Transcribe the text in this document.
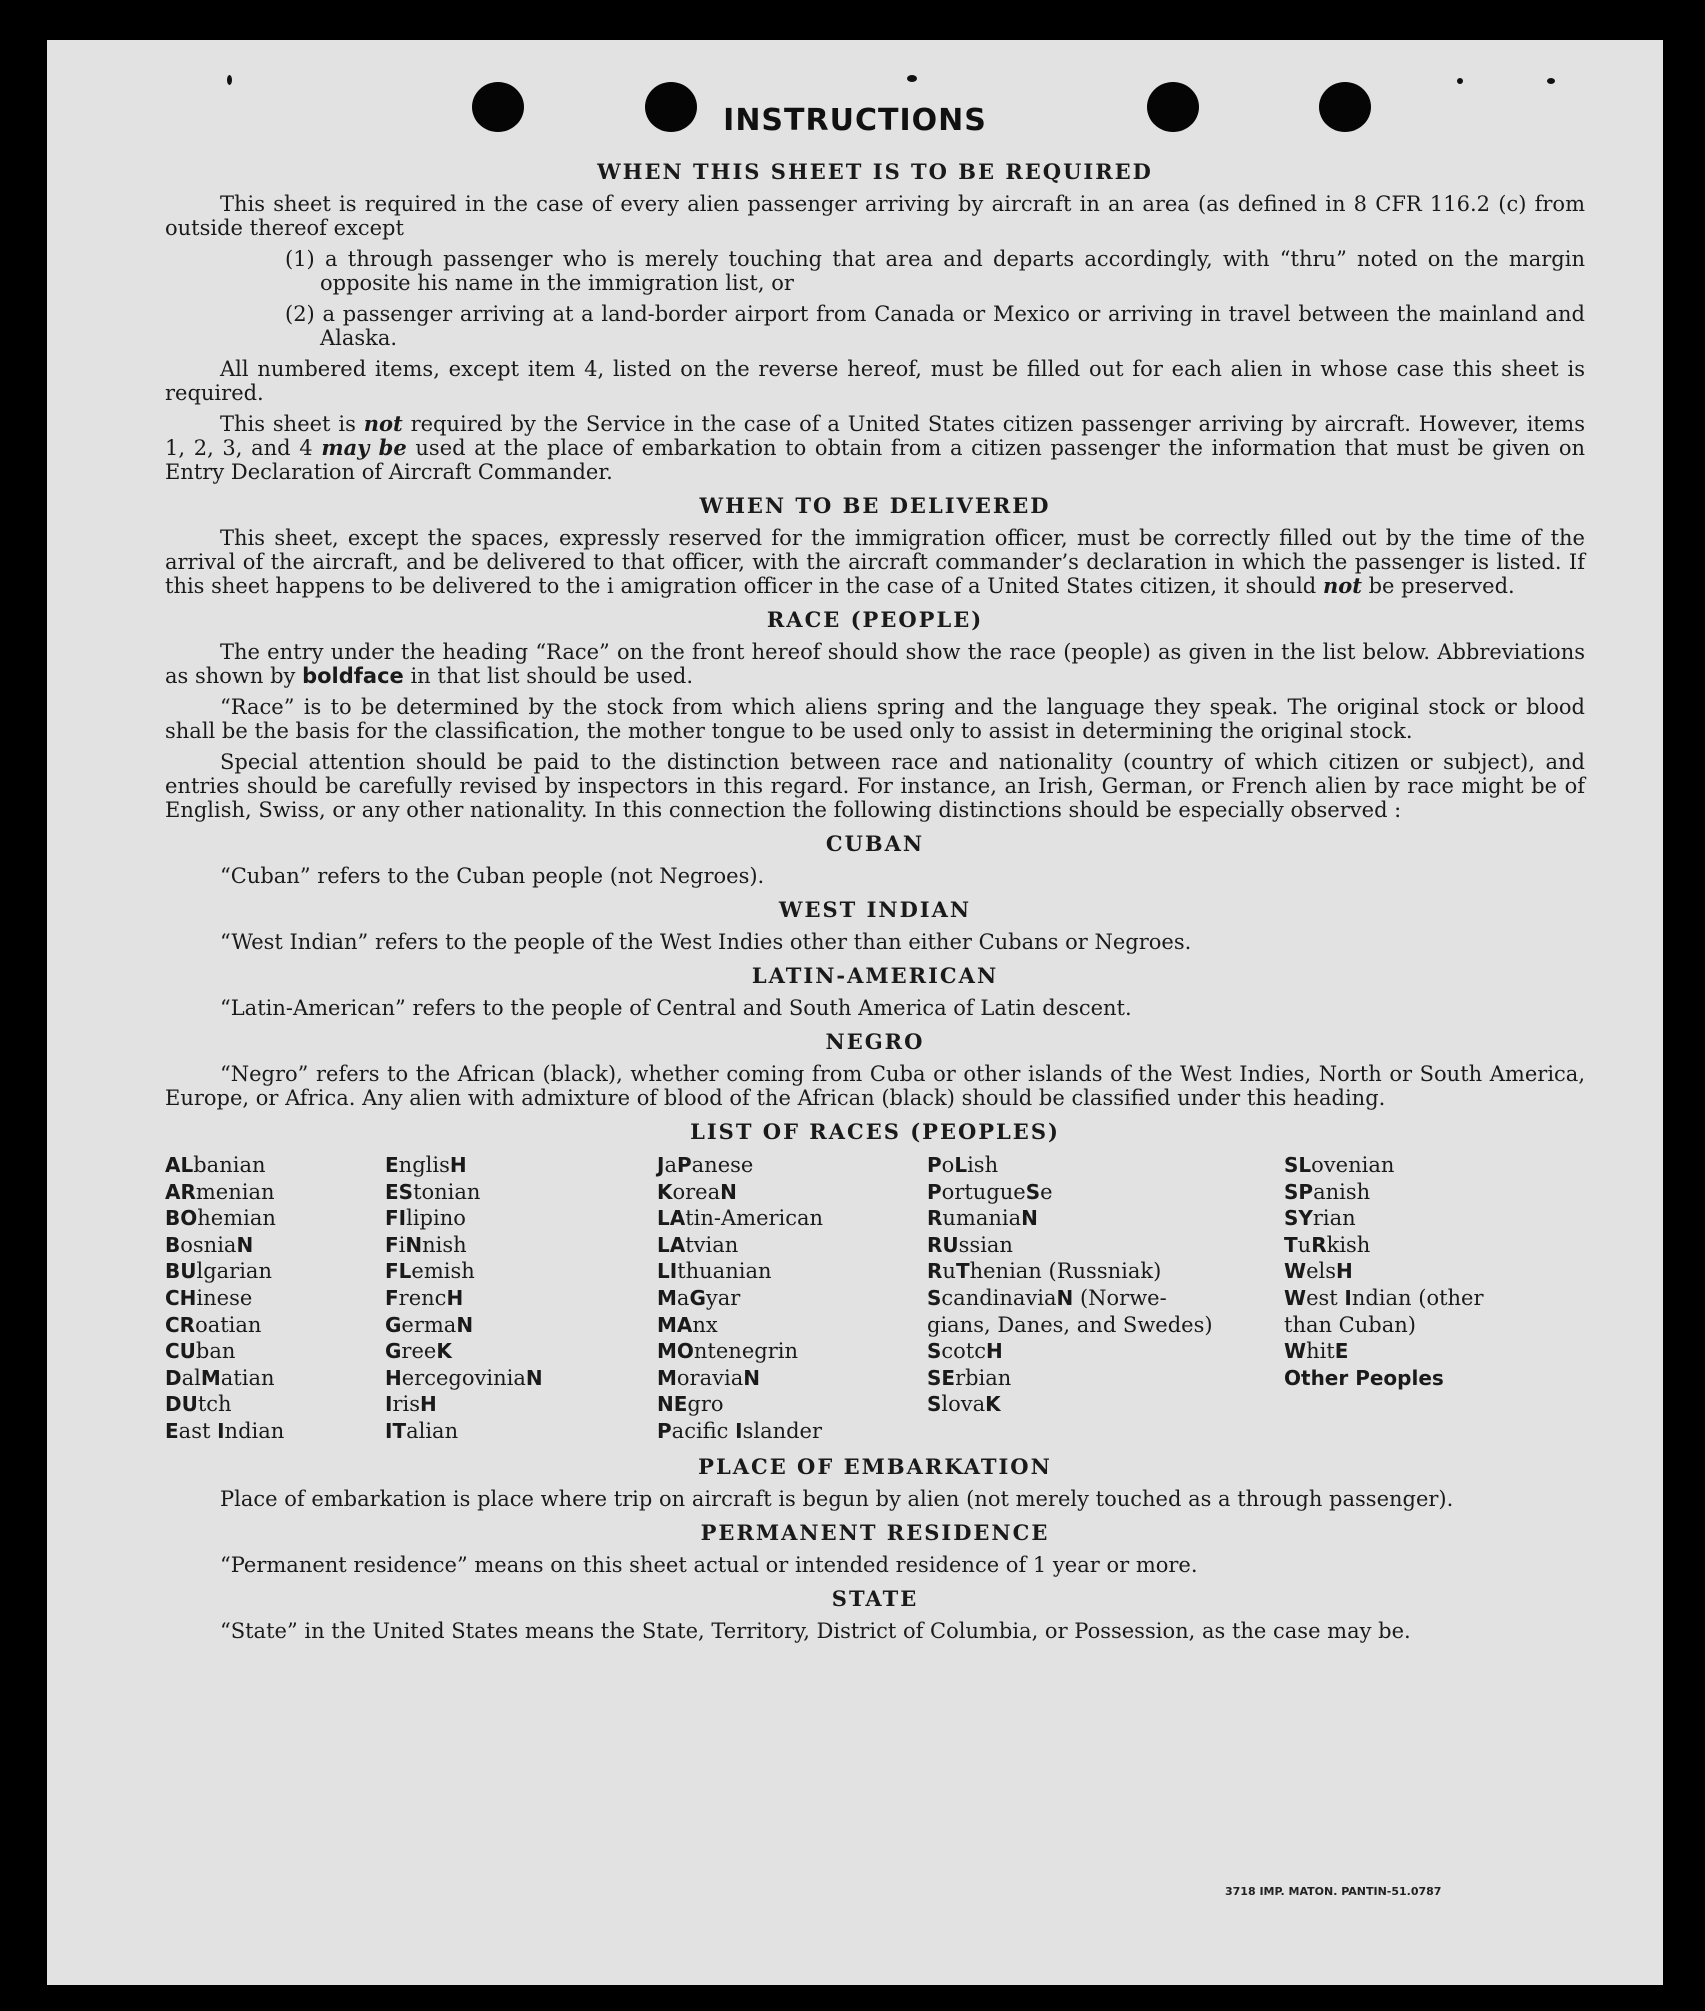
INSTRUCTIONS
WHEN THIS SHEET IS TO BE REQUIRED

This sheet is required in the case of every alien passenger arriving by aircraft in an area (as defined in 8 CFR 116.2 (c) from outside thereof except

(1) a through passenger who is merely touching that area and departs accordingly, with “thru” noted on the margin opposite his name in the immigration list, or
(2) a passenger arriving at a land-border airport from Canada or Mexico or arriving in travel between the mainland and Alaska.

All numbered items, except item 4, listed on the reverse hereof, must be filled out for each alien in whose case this sheet is required.

This sheet is not required by the Service in the case of a United States citizen passenger arriving by aircraft. However, items 1, 2, 3, and 4 may be used at the place of embarkation to obtain from a citizen passenger the information that must be given on Entry Declaration of Aircraft Commander.

WHEN TO BE DELIVERED

This sheet, except the spaces, expressly reserved for the immigration officer, must be correctly filled out by the time of the arrival of the aircraft, and be delivered to that officer, with the aircraft commander’s declaration in which the passenger is listed. If this sheet happens to be delivered to the i amigration officer in the case of a United States citizen, it should not be preserved.

RACE (PEOPLE)

The entry under the heading “Race” on the front hereof should show the race (people) as given in the list below. Abbreviations as shown by boldface in that list should be used.

“Race” is to be determined by the stock from which aliens spring and the language they speak. The original stock or blood shall be the basis for the classification, the mother tongue to be used only to assist in determining the original stock.

Special attention should be paid to the distinction between race and nationality (country of which citizen or subject), and entries should be carefully revised by inspectors in this regard. For instance, an Irish, German, or French alien by race might be of English, Swiss, or any other nationality. In this connection the following distinctions should be especially observed :

CUBAN

“Cuban” refers to the Cuban people (not Negroes).

WEST INDIAN

“West Indian” refers to the people of the West Indies other than either Cubans or Negroes.

LATIN-AMERICAN

“Latin-American” refers to the people of Central and South America of Latin descent.

NEGRO

“Negro” refers to the African (black), whether coming from Cuba or other islands of the West Indies, North or South America, Europe, or Africa. Any alien with admixture of blood of the African (black) should be classified under this heading.

LIST OF RACES (PEOPLES)
ALbanian
ARmenian
BOhemian
BosniaN
BUlgarian
CHinese
CRoatian
CUban
DalMatian
DUtch
East Indian
EnglisH
EStonian
FIlipino
FiNnish
FLemish
FrencH
GermaN
GreeK
HercegoviniaN
IrisH
ITalian
JaPanese
KoreaN
LAtin-American
LAtvian
LIthuanian
MaGyar
MAnx
MOntenegrin
MoraviaN
NEgro
Pacific Islander
PoLish
PortugueSe
RumaniaN
RUssian
RuThenian (Russniak)
ScandinaviaN (Norwe-gians, Danes, and Swedes)
ScotcH
SErbian
SlovaK
SLovenian
SPanish
SYrian
TuRkish
WelsH
West Indian (other than Cuban)
WhitE
Other Peoples
PLACE OF EMBARKATION

Place of embarkation is place where trip on aircraft is begun by alien (not merely touched as a through passenger).

PERMANENT RESIDENCE

“Permanent residence” means on this sheet actual or intended residence of 1 year or more.

STATE

“State” in the United States means the State, Territory, District of Columbia, or Possession, as the case may be.

3718 IMP. MATON. PANTIN-51.0787
